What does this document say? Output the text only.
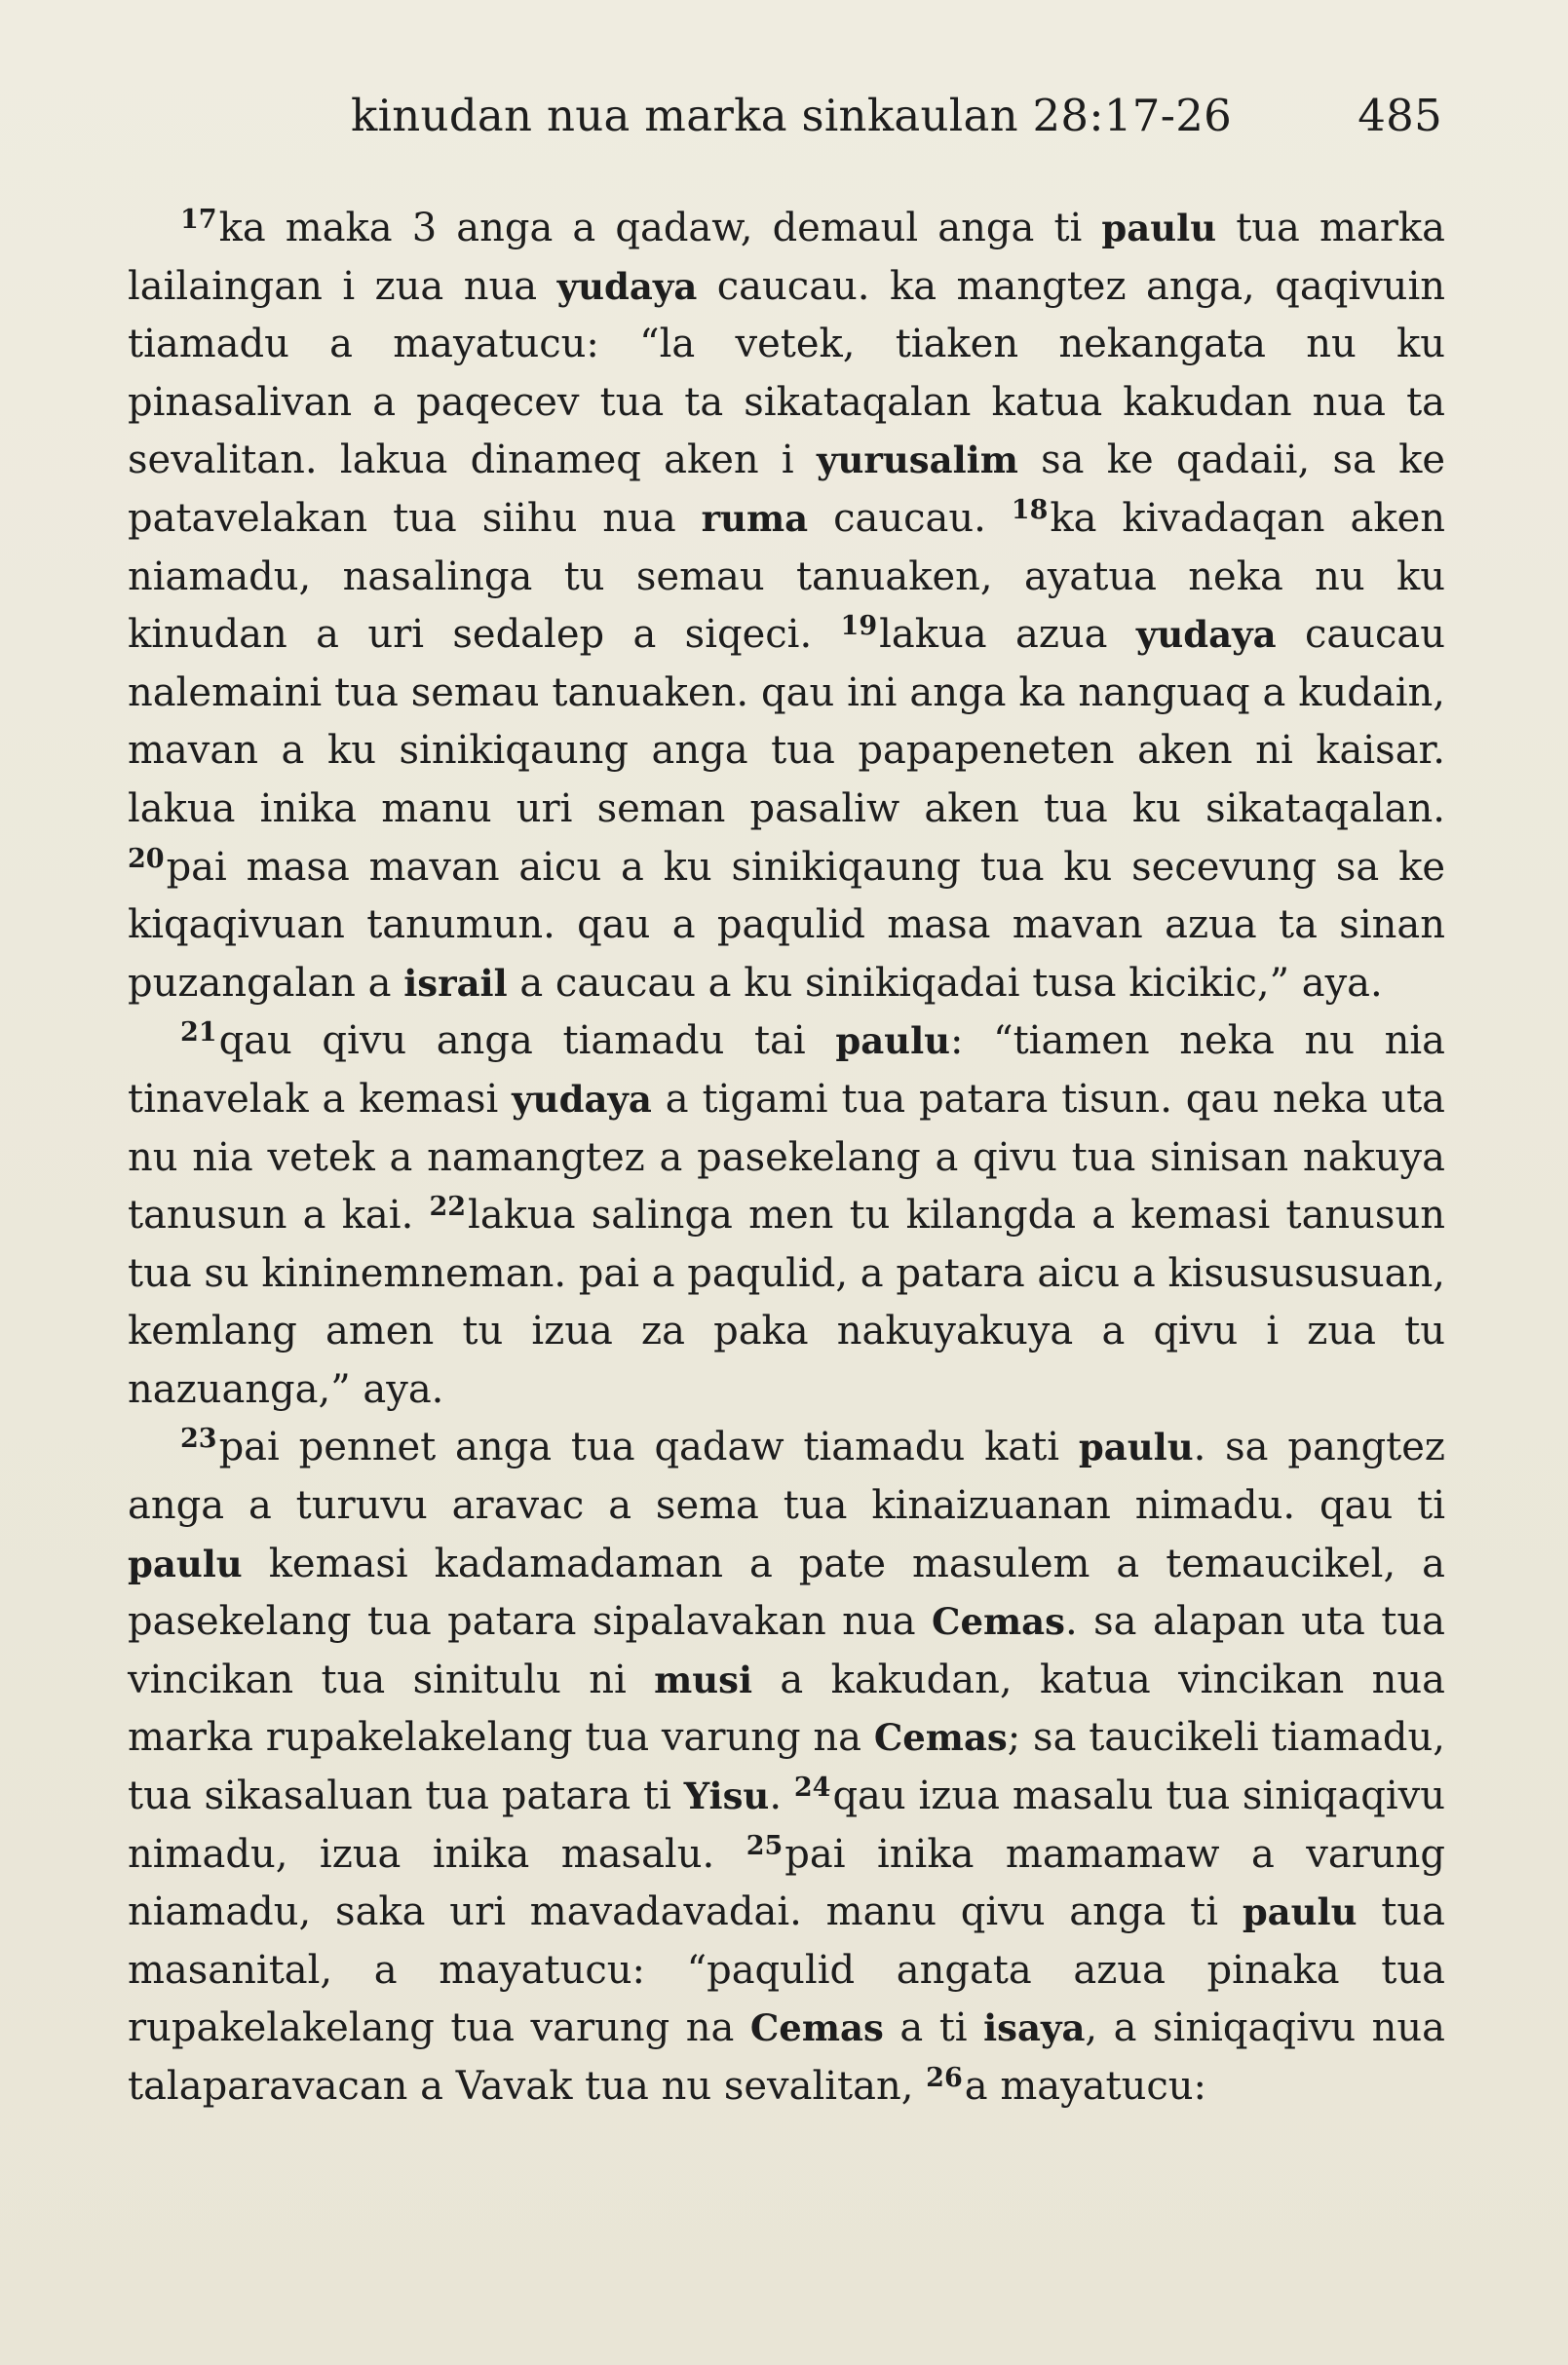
kinudan nua marka sinkaulan 28:17-26	485

$^{17}$ka maka 3 anga a qadaw, demaul anga ti paulu tua marka lailaingan i zua nua yudaya caucau. ka mangtez anga, qaqivuin tiamadu a mayatucu: “la vetek, tiaken nekangata nu ku pinasalivan a paqecev tua ta sikataqalan katua kakudan nua ta sevalitan. lakua dinameq aken i yurusalim sa ke qadaii, sa ke patavelakan tua siihu nua ruma caucau. $^{18}$ka kivadaqan aken niamadu, nasalinga tu semau tanuaken, ayatua neka nu ku kinudan a uri sedalep a siqeci. $^{19}$lakua azua yudaya caucau nalemaini tua semau tanuaken. qau ini anga ka nanguaq a kudain, mavan a ku sinikiqaung anga tua papapeneten aken ni kaisar. lakua inika manu uri seman pasaliw aken tua ku sikataqalan. $^{20}$pai masa mavan aicu a ku sinikiqaung tua ku secevung sa ke kiqaqivuan tanumun. qau a paqulid masa mavan azua ta sinan puzangalan a israil a caucau a ku sinikiqadai tusa kicikic,” aya.

$^{21}$qau qivu anga tiamadu tai paulu: “tiamen neka nu nia tinavelak a kemasi yudaya a tigami tua patara tisun. qau neka uta nu nia vetek a namangtez a pasekelang a qivu tua sinisan nakuya tanusun a kai. $^{22}$lakua salinga men tu kilangda a kemasi tanusun tua su kininemneman. pai a paqulid, a patara aicu a kisusususuan, kemlang amen tu izua za paka nakuyakuya a qivu i zua tu nazuanga,” aya.

$^{23}$pai pennet anga tua qadaw tiamadu kati paulu. sa pangtez anga a turuvu aravac a sema tua kinaizuanan nimadu. qau ti paulu kemasi kadamadaman a pate masulem a temaucikel, a pasekelang tua patara sipalavakan nua Cemas. sa alapan uta tua vincikan tua sinitulu ni musi a kakudan, katua vincikan nua marka rupakelakelang tua varung na Cemas; sa taucikeli tiamadu, tua sikasaluan tua patara ti Yisu. $^{24}$qau izua masalu tua siniqaqivu nimadu, izua inika masalu. $^{25}$pai inika mamamaw a varung niamadu, saka uri mavadavadai. manu qivu anga ti paulu tua masanital, a mayatucu: “paqulid angata azua pinaka tua rupakelakelang tua varung na Cemas a ti isaya, a siniqaqivu nua talaparavacan a Vavak tua nu sevalitan, $^{26}$a mayatucu:
